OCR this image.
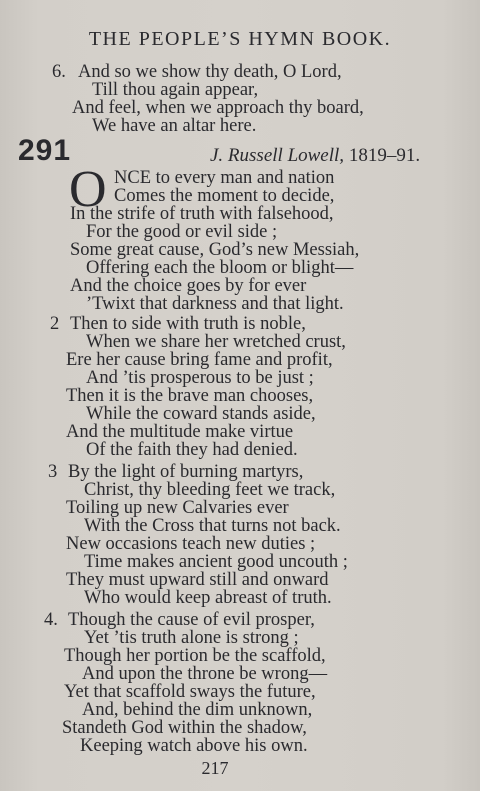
THE PEOPLE’S HYMN BOOK.
6. And so we show thy death, O Lord,
Till thou again appear,
And feel, when we approach thy board,
We have an altar here.
291	J. Russell Lowell, 1819–91.
O NCE to every man and nation
Comes the moment to decide,
In the strife of truth with falsehood,
For the good or evil side ;
Some great cause, God’s new Messiah,
Offering each the bloom or blight—
And the choice goes by for ever
’Twixt that darkness and that light.
2 Then to side with truth is noble,
When we share her wretched crust,
Ere her cause bring fame and profit,
And ’tis prosperous to be just ;
Then it is the brave man chooses,
While the coward stands aside,
And the multitude make virtue
Of the faith they had denied.
3 By the light of burning martyrs,
Christ, thy bleeding feet we track,
Toiling up new Calvaries ever
With the Cross that turns not back.
New occasions teach new duties ;
Time makes ancient good uncouth ;
They must upward still and onward
Who would keep abreast of truth.
4. Though the cause of evil prosper,
Yet ’tis truth alone is strong ;
Though her portion be the scaffold,
And upon the throne be wrong—
Yet that scaffold sways the future,
And, behind the dim unknown,
Standeth God within the shadow,
Keeping watch above his own.
217
